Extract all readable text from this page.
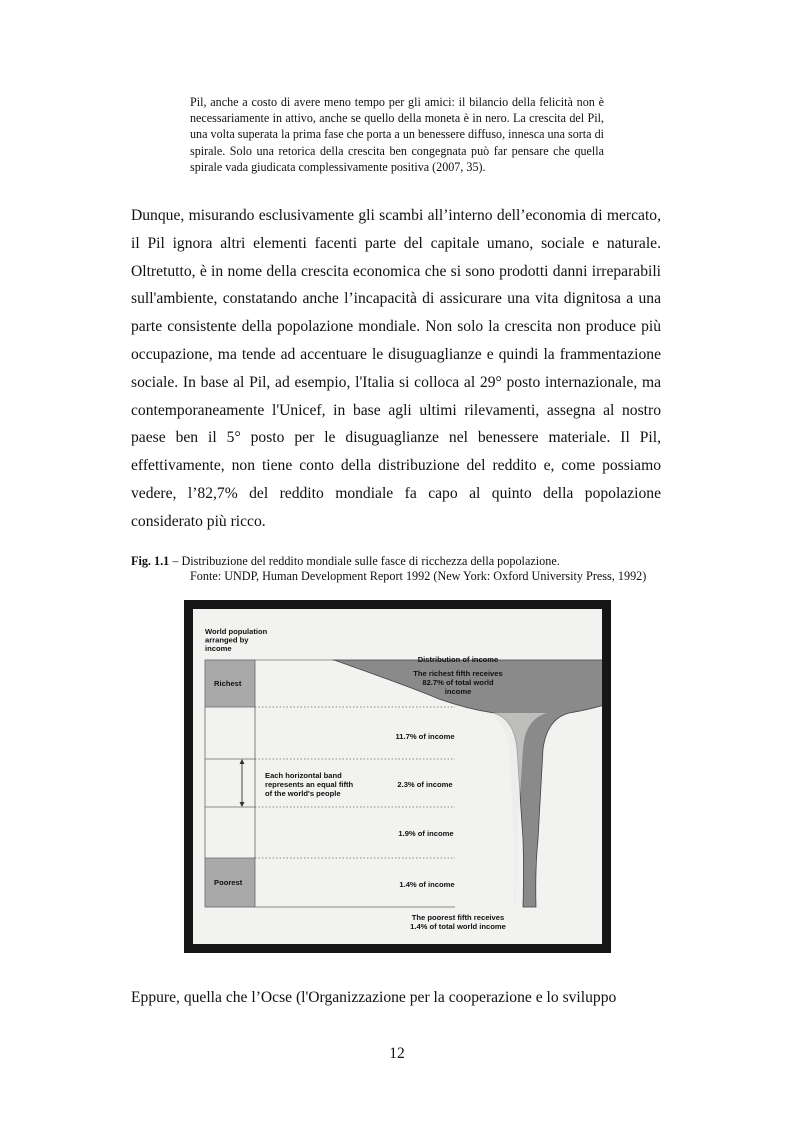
Pil, anche a costo di avere meno tempo per gli amici: il bilancio della felicità non è necessariamente in attivo, anche se quello della moneta è in nero. La crescita del Pil, una volta superata la prima fase che porta a un benessere diffuso, innesca una sorta di spirale. Solo una retorica della crescita ben congegnata può far pensare che quella spirale vada giudicata complessivamente positiva (2007, 35).
Dunque, misurando esclusivamente gli scambi all’interno dell’economia di mercato, il Pil ignora altri elementi facenti parte del capitale umano, sociale e naturale. Oltretutto, è in nome della crescita economica che si sono prodotti danni irreparabili sull'ambiente, constatando anche l’incapacità di assicurare una vita dignitosa a una parte consistente della popolazione mondiale. Non solo la crescita non produce più occupazione, ma tende ad accentuare le disuguaglianze e quindi la frammentazione sociale. In base al Pil, ad esempio, l'Italia si colloca al 29° posto internazionale, ma contemporaneamente l'Unicef, in base agli ultimi rilevamenti, assegna al nostro paese ben il 5° posto per le disuguaglianze nel benessere materiale. Il Pil, effettivamente, non tiene conto della distribuzione del reddito e, come possiamo vedere, l’82,7% del reddito mondiale fa capo al quinto della popolazione considerato più ricco.
Fig. 1.1 – Distribuzione del reddito mondiale sulle fasce di ricchezza della popolazione.
Fonte: UNDP, Human Development Report 1992 (New York: Oxford University Press, 1992)
World population
arranged by
income
Distribution of income
Richest
Poorest
The richest fifth receives
82.7% of total world
income
Each horizontal band
represents an equal fifth
of the world's people
11.7% of income
2.3% of income
1.9% of income
1.4% of income
The poorest fifth receives
1.4% of total world income
Eppure, quella che l’Ocse (l'Organizzazione per la cooperazione e lo sviluppo
12
